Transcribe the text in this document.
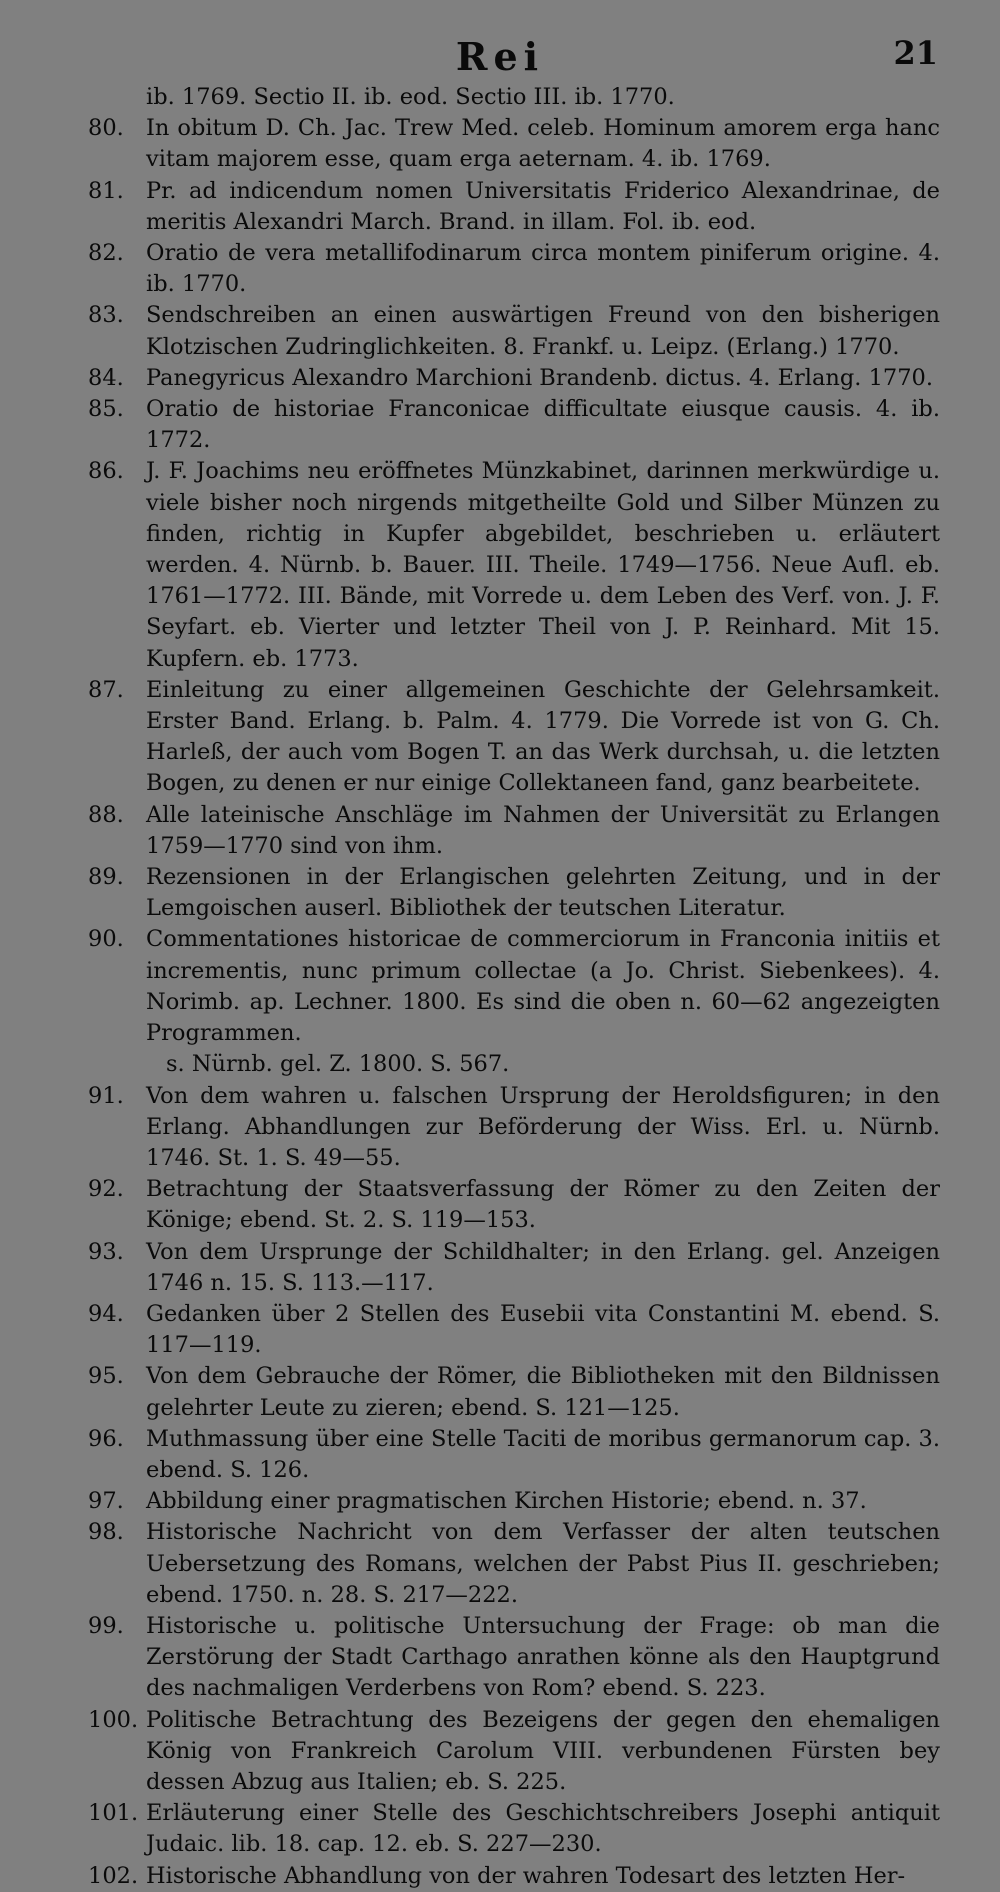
Rei	21
ib. 1769. Sectio II. ib. eod. Sectio III. ib. 1770.
80. In obitum D. Ch. Jac. Trew Med. celeb. Hominum amorem erga hanc vitam majorem esse, quam erga aeternam. 4. ib. 1769.
81. Pr. ad indicendum nomen Universitatis Friderico Alexandrinae, de meritis Alexandri March. Brand. in illam. Fol. ib. eod.
82. Oratio de vera metallifodinarum circa montem piniferum origine. 4. ib. 1770.
83. Sendschreiben an einen auswärtigen Freund von den bisherigen Klotzischen Zudringlichkeiten. 8. Frankf. u. Leipz. (Erlang.) 1770.
84. Panegyricus Alexandro Marchioni Brandenb. dictus. 4. Erlang. 1770.
85. Oratio de historiae Franconicae difficultate eiusque causis. 4. ib. 1772.
86. J. F. Joachims neu eröffnetes Münzkabinet, darinnen merkwürdige u. viele bisher noch nirgends mitgetheilte Gold und Silber Münzen zu finden, richtig in Kupfer abgebildet, beschrieben u. erläutert werden. 4. Nürnb. b. Bauer. III. Theile. 1749—1756. Neue Aufl. eb. 1761—1772. III. Bände, mit Vorrede u. dem Leben des Verf. von. J. F. Seyfart. eb. Vierter und letzter Theil von J. P. Reinhard. Mit 15. Kupfern. eb. 1773.
87. Einleitung zu einer allgemeinen Geschichte der Gelehrsamkeit. Erster Band. Erlang. b. Palm. 4. 1779. Die Vorrede ist von G. Ch. Harleß, der auch vom Bogen T. an das Werk durchsah, u. die letzten Bogen, zu denen er nur einige Collektaneen fand, ganz bearbeitete.
88. Alle lateinische Anschläge im Nahmen der Universität zu Erlangen 1759—1770 sind von ihm.
89. Rezensionen in der Erlangischen gelehrten Zeitung, und in der Lemgoischen auserl. Bibliothek der teutschen Literatur.
90. Commentationes historicae de commerciorum in Franconia initiis et incrementis, nunc primum collectae (a Jo. Christ. Siebenkees). 4. Norimb. ap. Lechner. 1800. Es sind die oben n. 60—62 angezeigten Programmen.
s. Nürnb. gel. Z. 1800. S. 567.
91. Von dem wahren u. falschen Ursprung der Heroldsfiguren; in den Erlang. Abhandlungen zur Beförderung der Wiss. Erl. u. Nürnb. 1746. St. 1. S. 49—55.
92. Betrachtung der Staatsverfassung der Römer zu den Zeiten der Könige; ebend. St. 2. S. 119—153.
93. Von dem Ursprunge der Schildhalter; in den Erlang. gel. Anzeigen 1746 n. 15. S. 113.—117.
94. Gedanken über 2 Stellen des Eusebii vita Constantini M. ebend. S. 117—119.
95. Von dem Gebrauche der Römer, die Bibliotheken mit den Bildnissen gelehrter Leute zu zieren; ebend. S. 121—125.
96. Muthmassung über eine Stelle Taciti de moribus germanorum cap. 3. ebend. S. 126.
97. Abbildung einer pragmatischen Kirchen Historie; ebend. n. 37.
98. Historische Nachricht von dem Verfasser der alten teutschen Uebersetzung des Romans, welchen der Pabst Pius II. geschrieben; ebend. 1750. n. 28. S. 217—222.
99. Historische u. politische Untersuchung der Frage: ob man die Zerstörung der Stadt Carthago anrathen könne als den Hauptgrund des nachmaligen Verderbens von Rom? ebend. S. 223.
100. Politische Betrachtung des Bezeigens der gegen den ehemaligen König von Frankreich Carolum VIII. verbundenen Fürsten bey dessen Abzug aus Italien; eb. S. 225.
101. Erläuterung einer Stelle des Geschichtschreibers Josephi antiquit Judaic. lib. 18. cap. 12. eb. S. 227—230.
102. Historische Abhandlung von der wahren Todesart des letzten Her-
